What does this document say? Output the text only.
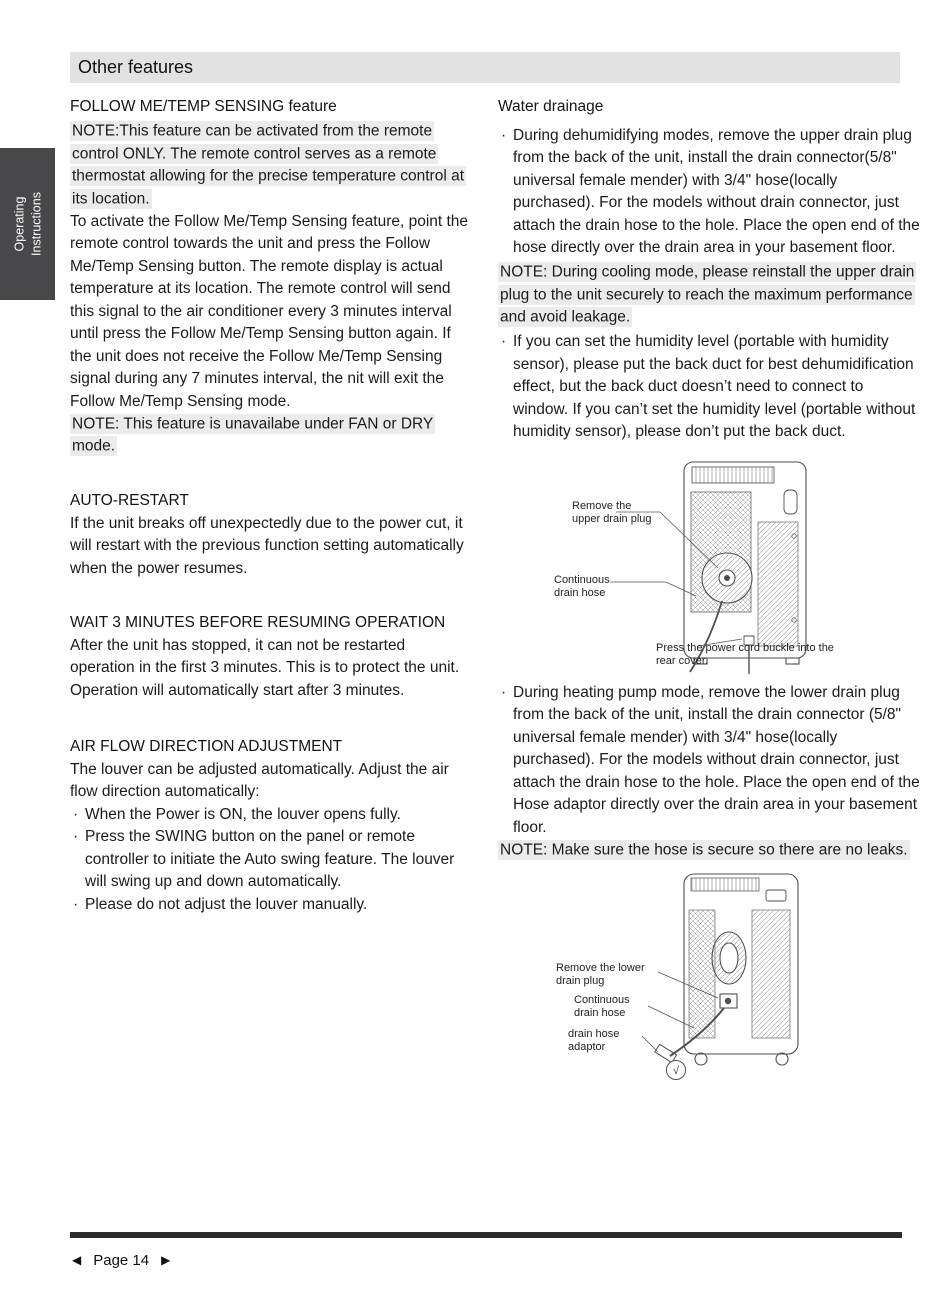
Other features
Operating Instructions
FOLLOW ME/TEMP SENSING feature

NOTE:This feature can be activated from the remote control ONLY. The remote control serves as a remote thermostat allowing for the precise temperature control at its location.

To activate the Follow Me/Temp Sensing feature, point the remote control towards the unit and press the Follow Me/Temp Sensing button. The remote display is actual temperature at its location. The remote control will send this signal to the air conditioner every 3 minutes interval until press the Follow Me/Temp Sensing button again. If the unit does not receive the Follow Me/Temp Sensing signal during any 7 minutes interval, the nit will exit the Follow Me/Temp Sensing mode.

NOTE: This feature is unavailabe under FAN or DRY mode.

AUTO-RESTART

If the unit breaks off unexpectedly due to the power cut, it will restart with the previous function setting automatically when the power resumes.

WAIT 3 MINUTES BEFORE RESUMING OPERATION

After the unit has stopped, it can not be restarted operation in the first 3 minutes. This is to protect the unit. Operation will automatically start after 3 minutes.

AIR FLOW DIRECTION ADJUSTMENT

The louver can be adjusted automatically. Adjust the air flow direction automatically:

· When the Power is ON, the louver opens fully.
· Press the SWING button on the panel or remote controller to initiate the Auto swing feature. The louver will swing up and down automatically.
· Please do not adjust the louver manually.
Water drainage
· During dehumidifying modes, remove the upper drain plug from the back of the unit, install the drain connector(5/8" universal female mender) with 3/4" hose(locally purchased). For the models without drain connector, just attach the drain hose to the hole. Place the open end of the hose directly over the drain area in your basement floor.

NOTE: During cooling mode, please reinstall the upper drain plug to the unit securely to reach the maximum performance and avoid leakage.

· If you can set the humidity level (portable with humidity sensor), please put the back duct for best dehumidification effect, but the back duct doesn’t need to connect to window. If you can’t set the humidity level (portable without humidity sensor), please don’t put the back duct.
Remove the upper drain plug
Continuous drain hose
Press the power cord buckle into the rear cover.
· During heating pump mode, remove the lower drain plug from the back of the unit, install the drain connector (5/8" universal female mender) with 3/4" hose(locally purchased). For the models without drain connector, just attach the drain hose to the hole. Place the open end of the Hose adaptor directly over the drain area in your basement floor.

NOTE: Make sure the hose is secure so there are no leaks.

√
Remove the lower drain plug
Continuous drain hose
drain hose adaptor
◀ Page 14 ▶
